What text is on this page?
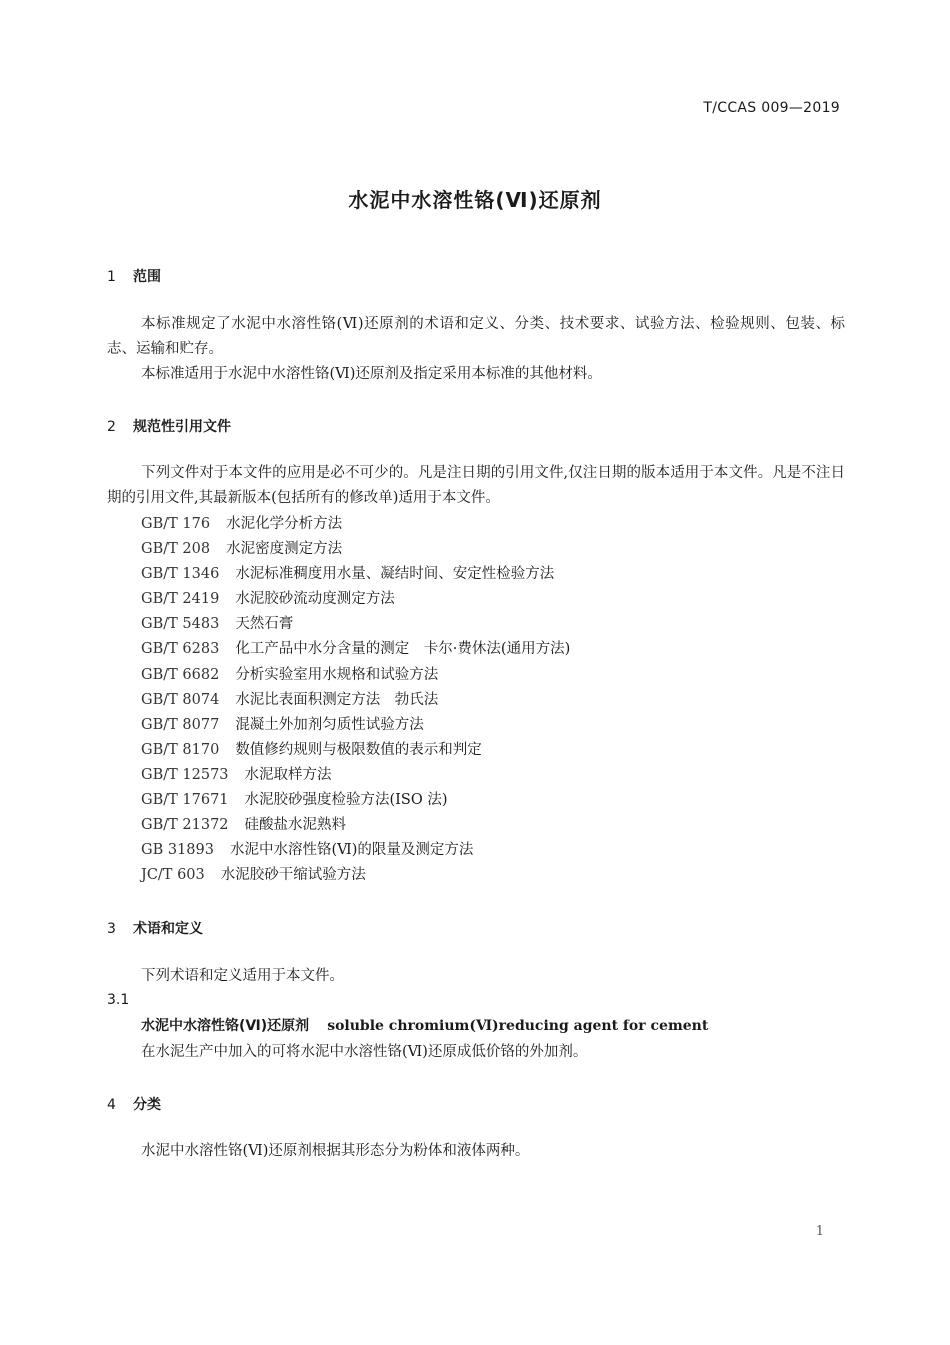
T/CCAS 009—2019
水泥中水溶性铬(Ⅵ)还原剂
1 范围
本标准规定了水泥中水溶性铬(Ⅵ)还原剂的术语和定义、分类、技术要求、试验方法、检验规则、包装、标志、运输和贮存。
本标准适用于水泥中水溶性铬(Ⅵ)还原剂及指定采用本标准的其他材料。
2 规范性引用文件
下列文件对于本文件的应用是必不可少的。凡是注日期的引用文件,仅注日期的版本适用于本文件。凡是不注日期的引用文件,其最新版本(包括所有的修改单)适用于本文件。
GB/T 176 水泥化学分析方法
GB/T 208 水泥密度测定方法
GB/T 1346 水泥标准稠度用水量、凝结时间、安定性检验方法
GB/T 2419 水泥胶砂流动度测定方法
GB/T 5483 天然石膏
GB/T 6283 化工产品中水分含量的测定　卡尔·费休法(通用方法)
GB/T 6682 分析实验室用水规格和试验方法
GB/T 8074 水泥比表面积测定方法　勃氏法
GB/T 8077 混凝土外加剂匀质性试验方法
GB/T 8170 数值修约规则与极限数值的表示和判定
GB/T 12573 水泥取样方法
GB/T 17671 水泥胶砂强度检验方法(ISO 法)
GB/T 21372 硅酸盐水泥熟料
GB 31893 水泥中水溶性铬(Ⅵ)的限量及测定方法
JC/T 603 水泥胶砂干缩试验方法
3 术语和定义
下列术语和定义适用于本文件。
3.1
水泥中水溶性铬(Ⅵ)还原剂 soluble chromium(Ⅵ)reducing agent for cement
在水泥生产中加入的可将水泥中水溶性铬(Ⅵ)还原成低价铬的外加剂。
4 分类
水泥中水溶性铬(Ⅵ)还原剂根据其形态分为粉体和液体两种。
1
